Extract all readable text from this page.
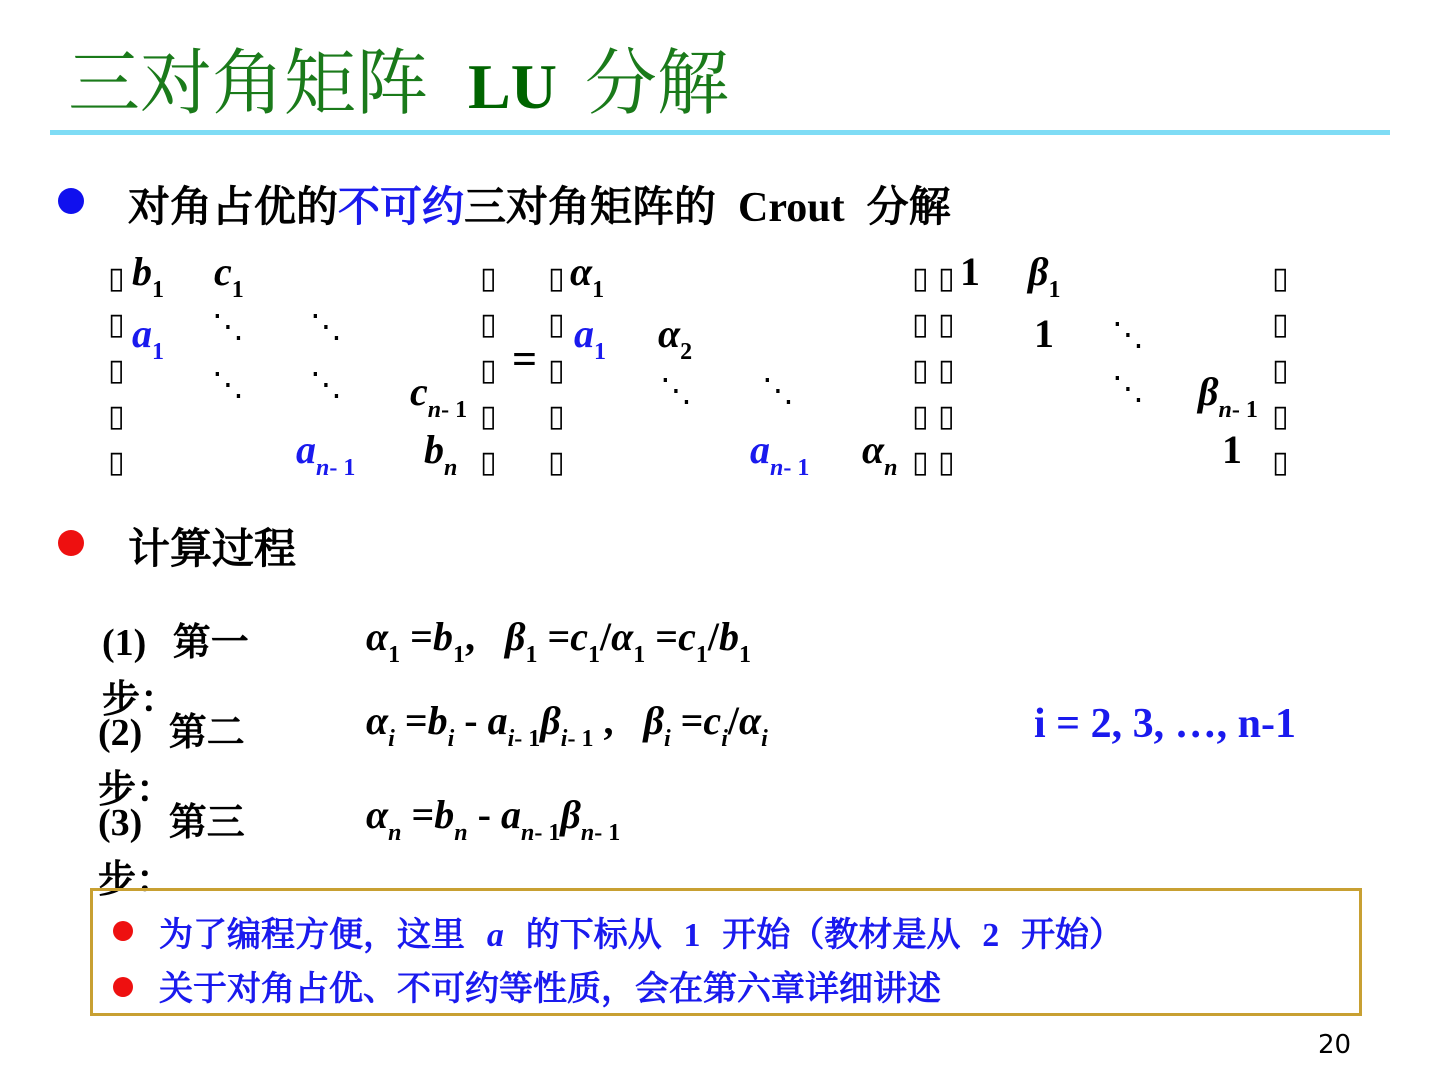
三对角矩阵 LU 分解
对角占优的不可约三对角矩阵的 Crout 分解
▯
▯
▯
▯
▯
$b_1$ $c_1$
$a_1$
⋱ ⋱
⋱ ⋱ $c_{n- 1}$
$a_{n- 1}$ $b_n$
▯
▯
▯
▯
▯
=
▯
▯
▯
▯
▯
$\alpha_1$
$a_1$ $\alpha_2$
⋱ ⋱
$a_{n- 1}$ $\alpha_n$
▯
▯
▯
▯
▯
▯
▯
▯
▯
▯
1 $\beta_1$
1 ⋱
⋱ $\beta_{n- 1}$
1
▯
▯
▯
▯
▯
计算过程
(1) 第一步：
$\alpha_1 =b_1$,   $\beta_1 =c_1/\alpha_1 =c_1/b_1$
(2) 第二步：
$\alpha_i =b_i - a_{i- 1}\beta_{i- 1}$ ,   $\beta_i =c_i/\alpha_i$	i = 2, 3, …, n-1
(3) 第三步：
$\alpha_n =b_n - a_{n- 1}\beta_{n- 1}$
为了编程方便，这里 a 的下标从 1 开始（教材是从 2 开始）
关于对角占优、不可约等性质，会在第六章详细讲述
20
